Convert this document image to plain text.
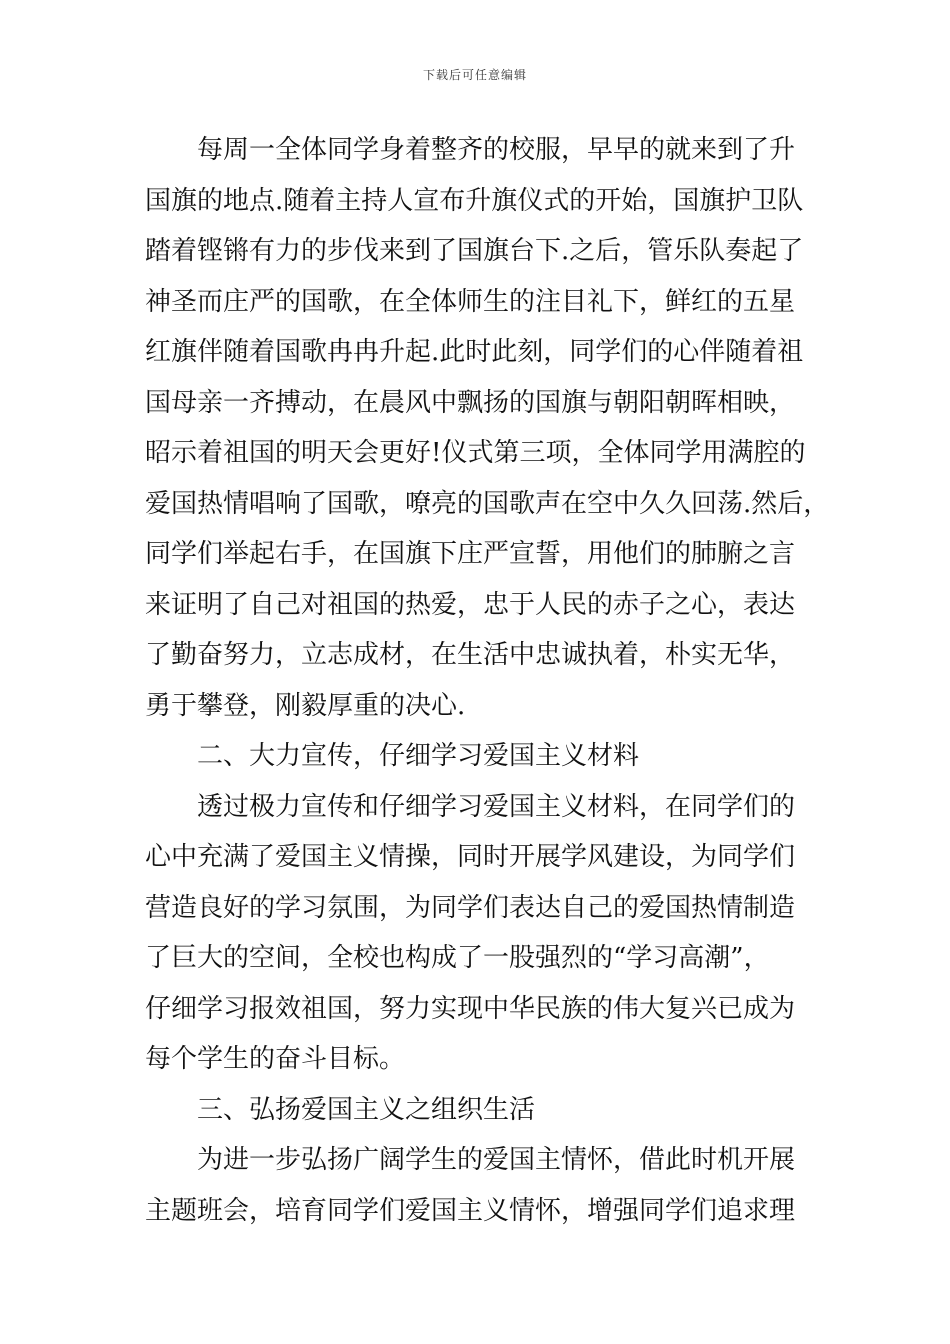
下载后可任意编辑

每周一全体同学身着整齐的校服，早早的就来到了升
国旗的地点.随着主持人宣布升旗仪式的开始，国旗护卫队
踏着铿锵有力的步伐来到了国旗台下.之后，管乐队奏起了
神圣而庄严的国歌，在全体师生的注目礼下，鲜红的五星
红旗伴随着国歌冉冉升起.此时此刻，同学们的心伴随着祖
国母亲一齐搏动，在晨风中飘扬的国旗与朝阳朝晖相映，
昭示着祖国的明天会更好!仪式第三项，全体同学用满腔的
爱国热情唱响了国歌，嘹亮的国歌声在空中久久回荡.然后，
同学们举起右手，在国旗下庄严宣誓，用他们的肺腑之言
来证明了自己对祖国的热爱，忠于人民的赤子之心，表达
了勤奋努力，立志成材，在生活中忠诚执着，朴实无华，
勇于攀登，刚毅厚重的决心.

二、大力宣传，仔细学习爱国主义材料

透过极力宣传和仔细学习爱国主义材料，在同学们的
心中充满了爱国主义情操，同时开展学风建设，为同学们
营造良好的学习氛围，为同学们表达自己的爱国热情制造
了巨大的空间，全校也构成了一股强烈的“学习高潮”，
仔细学习报效祖国，努力实现中华民族的伟大复兴已成为
每个学生的奋斗目标。

三、弘扬爱国主义之组织生活

为进一步弘扬广阔学生的爱国主情怀，借此时机开展
主题班会，培育同学们爱国主义情怀，增强同学们追求理
